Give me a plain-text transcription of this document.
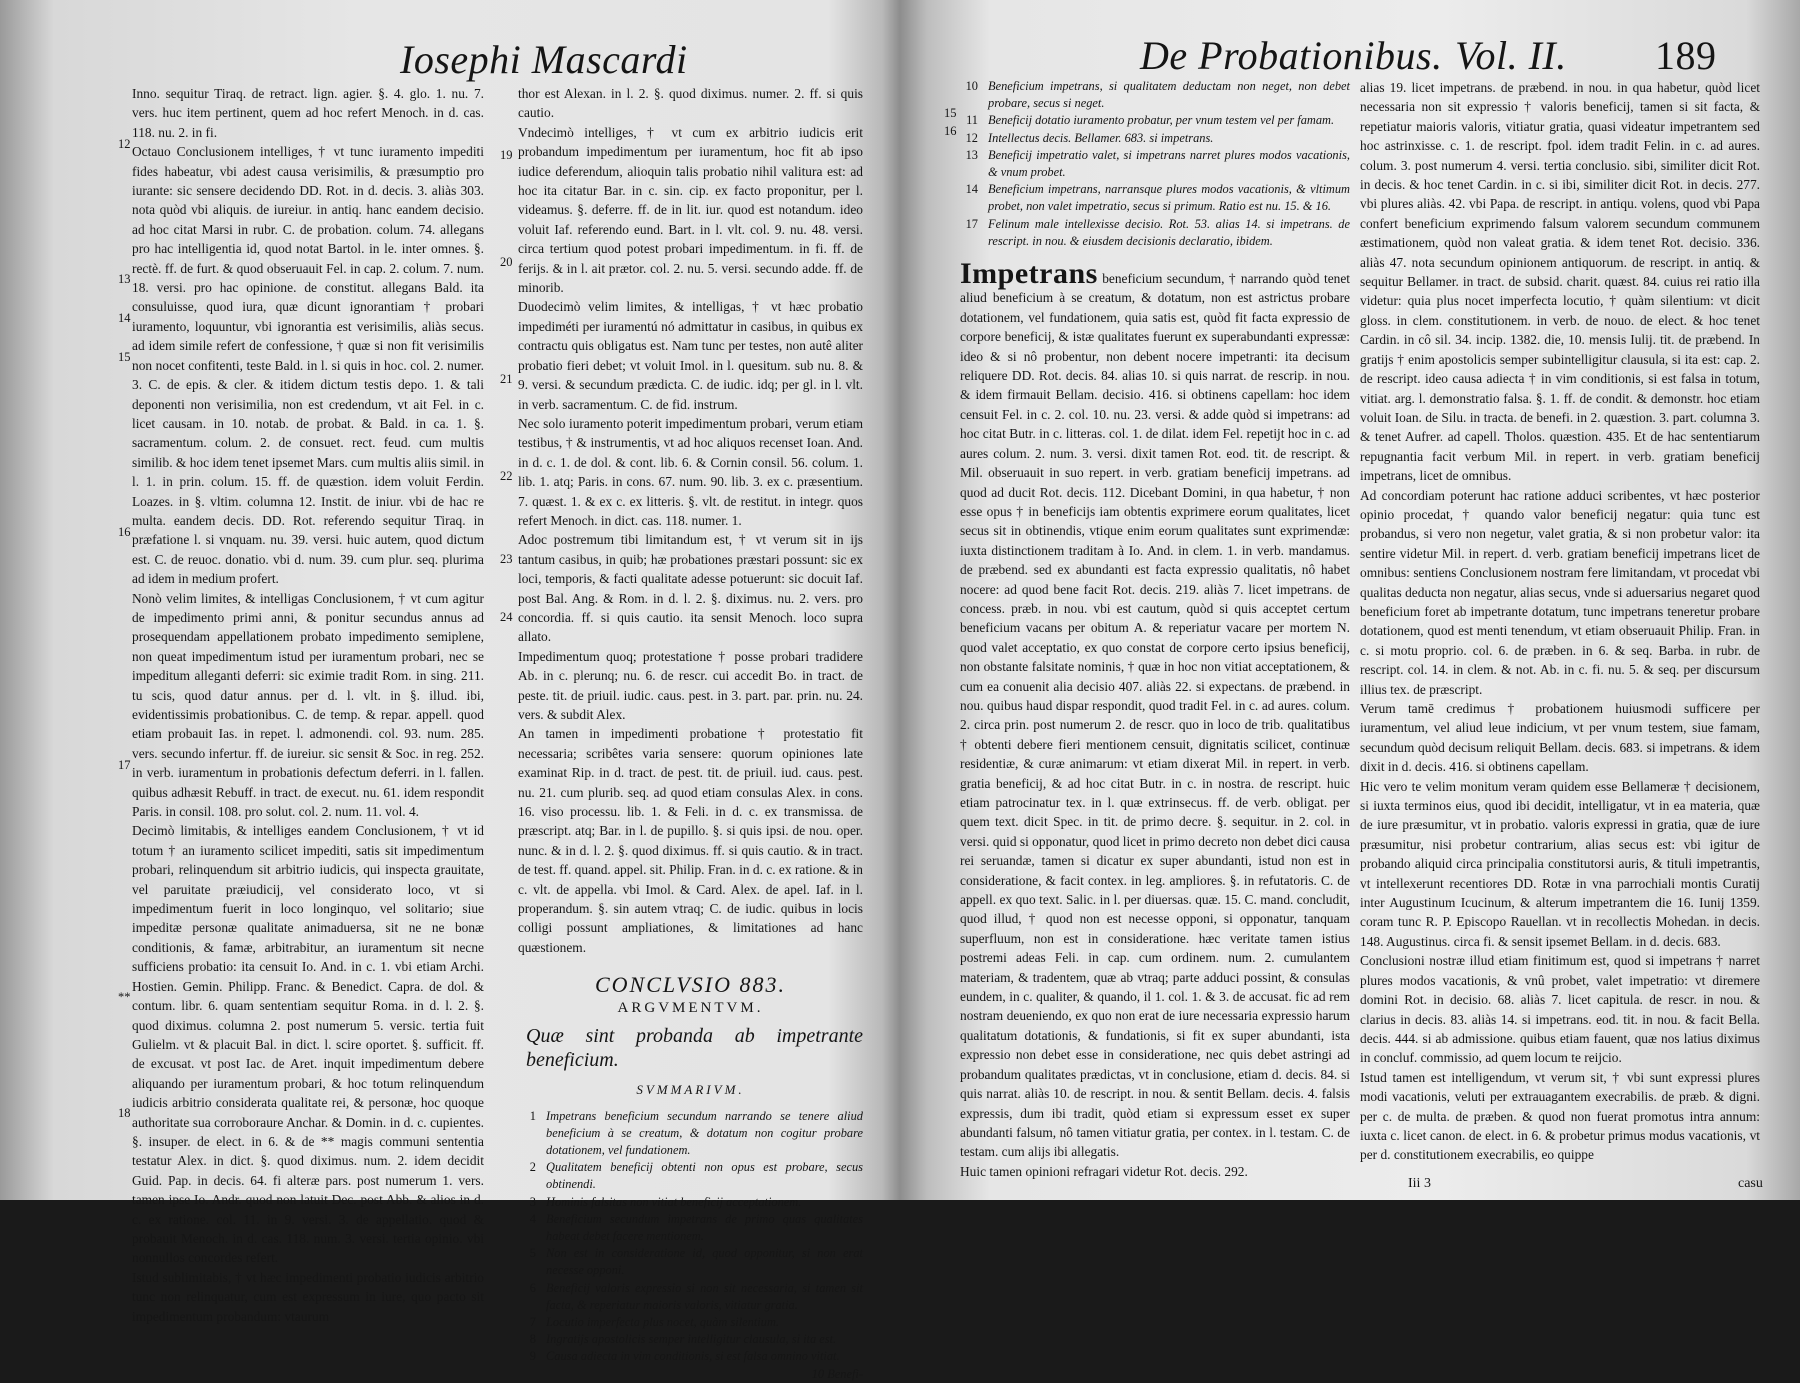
Iosephi Mascardi

Inno. sequitur Tiraq. de retract. lign. agier. §. 4. glo. 1. nu. 7. vers. huc item pertinent, quem ad hoc refert Menoch. in d. cas. 118. nu. 2. in fi.

Octauo Conclusionem intelliges, † vt tunc iuramento impediti fides habeatur, vbi adest causa verisimilis, & præsumptio pro iurante: sic sensere decidendo DD. Rot. in d. decis. 3. aliàs 303. nota quòd vbi aliquis. de iureiur. in antiq. hanc eandem decisio. ad hoc citat Marsi in rubr. C. de probation. colum. 74. allegans pro hac intelligentia id, quod notat Bartol. in le. inter omnes. §. rectè. ff. de furt. & quod obseruauit Fel. in cap. 2. colum. 7. num. 18. versi. pro hac opinione. de constitut. allegans Bald. ita consuluisse, quod iura, quæ dicunt ignorantiam † probari iuramento, loquuntur, vbi ignorantia est verisimilis, aliàs secus. ad idem simile refert de confessione, † quæ si non fit verisimilis non nocet confitenti, teste Bald. in l. si quis in hoc. col. 2. numer. 3. C. de epis. & cler. & itidem dictum testis depo. 1. & tali deponenti non verisimilia, non est credendum, vt ait Fel. in c. licet causam. in 10. notab. de probat. & Bald. in ca. 1. §. sacramentum. colum. 2. de consuet. rect. feud. cum multis similib. & hoc idem tenet ipsemet Mars. cum multis aliis simil. in l. 1. in prin. colum. 15. ff. de quæstion. idem voluit Ferdin. Loazes. in §. vltim. columna 12. Instit. de iniur. vbi de hac re multa. eandem decis. DD. Rot. referendo sequitur Tiraq. in præfatione l. si vnquam. nu. 39. versi. huic autem, quod dictum est. C. de reuoc. donatio. vbi d. num. 39. cum plur. seq. plurima ad idem in medium profert.

Nonò velim limites, & intelligas Conclusionem, † vt cum agitur de impedimento primi anni, & ponitur secundus annus ad prosequendam appellationem probato impedimento semiplene, non queat impedimentum istud per iuramentum probari, nec se impeditum alleganti deferri: sic eximie tradit Rom. in sing. 211. tu scis, quod datur annus. per d. l. vlt. in §. illud. ibi, evidentissimis probationibus. C. de temp. & repar. appell. quod etiam probauit Ias. in repet. l. admonendi. col. 93. num. 285. vers. secundo infertur. ff. de iureiur. sic sensit & Soc. in reg. 252. in verb. iuramentum in probationis defectum deferri. in l. fallen. quibus adhæsit Rebuff. in tract. de execut. nu. 61. idem respondit Paris. in consil. 108. pro solut. col. 2. num. 11. vol. 4.

Decimò limitabis, & intelliges eandem Conclusionem, † vt id totum † an iuramento scilicet impediti, satis sit impedimentum probari, relinquendum sit arbitrio iudicis, qui inspecta grauitate, vel paruitate præiudicij, vel considerato loco, vt si impedimentum fuerit in loco longinquo, vel solitario; siue impeditæ personæ qualitate animaduersa, sit ne ne bonæ conditionis, & famæ, arbitrabitur, an iuramentum sit necne sufficiens probatio: ita censuit Io. And. in c. 1. vbi etiam Archi. Hostien. Gemin. Philipp. Franc. & Benedict. Capra. de dol. & contum. libr. 6. quam sententiam sequitur Roma. in d. l. 2. §. quod diximus. columna 2. post numerum 5. versic. tertia fuit Gulielm. vt & placuit Bal. in dict. l. scire oportet. §. sufficit. ff. de excusat. vt post Iac. de Aret. inquit impedimentum debere aliquando per iuramentum probari, & hoc totum relinquendum iudicis arbitrio considerata qualitate rei, & personæ, hoc quoque authoritate sua corroboraure Anchar. & Domin. in d. c. cupientes. §. insuper. de elect. in 6. & de ** magis communi sententia testatur Alex. in dict. §. quod diximus. num. 2. idem decidit Guid. Pap. in decis. 64. fi alteræ pars. post numerum 1. vers. tamen ipse Io. Andr. quod non latuit Dec. post Abb. & alios in d. c. ex ratione. col. 11. in 9. versi. 3. de appellatio. quod & probauit Menoch. in d. cas. 118. num. 3. versi. tertia opinio. vbi nonnullos concordes refert.

Istud sublimitabis, † vt hæc impedimenti probatio iudicis arbitrio tunc non relinquatur, cum est expressum in iure, quo pacto sit impedimentum probandum: vtaurum

thor est Alexan. in l. 2. §. quod diximus. numer. 2. ff. si quis cautio.

Vndecimò intelliges, † vt cum ex arbitrio iudicis erit probandum impedimentum per iuramentum, hoc fit ab ipso iudice deferendum, alioquin talis probatio nihil valitura est: ad hoc ita citatur Bar. in c. sin. cip. ex facto proponitur, per l. videamus. §. deferre. ff. de in lit. iur. quod est notandum. ideo voluit Iaf. referendo eund. Bart. in l. vlt. col. 9. nu. 48. versi. circa tertium quod potest probari impedimentum. in fi. ff. de ferijs. & in l. ait prætor. col. 2. nu. 5. versi. secundo adde. ff. de minorib.

Duodecimò velim limites, & intelligas, † vt hæc probatio impediméti per iuramentú nó admittatur in casibus, in quibus ex contractu quis obligatus est. Nam tunc per testes, non autê aliter probatio fieri debet; vt voluit Imol. in l. quesitum. sub nu. 8. & 9. versi. & secundum prædicta. C. de iudic. idq; per gl. in l. vlt. in verb. sacramentum. C. de fid. instrum.

Nec solo iuramento poterit impedimentum probari, verum etiam testibus, † & instrumentis, vt ad hoc aliquos recenset Ioan. And. in d. c. 1. de dol. & cont. lib. 6. & Cornin consil. 56. colum. 1. lib. 1. atq; Paris. in cons. 67. num. 90. lib. 3. ex c. præsentium. 7. quæst. 1. & ex c. ex litteris. §. vlt. de restitut. in integr. quos refert Menoch. in dict. cas. 118. numer. 1.

Adoc postremum tibi limitandum est, † vt verum sit in ijs tantum casibus, in quib; hæ probationes præstari possunt: sic ex loci, temporis, & facti qualitate adesse potuerunt: sic docuit Iaf. post Bal. Ang. & Rom. in d. l. 2. §. diximus. nu. 2. vers. pro concordia. ff. si quis cautio. ita sensit Menoch. loco supra allato.

Impedimentum quoq; protestatione † posse probari tradidere Ab. in c. plerunq; nu. 6. de rescr. cui accedit Bo. in tract. de peste. tit. de priuil. iudic. caus. pest. in 3. part. par. prin. nu. 24. vers. & subdit Alex.

An tamen in impedimenti probatione † protestatio fit necessaria; scribêtes varia sensere: quorum opiniones late examinat Rip. in d. tract. de pest. tit. de priuil. iud. caus. pest. nu. 21. cum plurib. seq. ad quod etiam consulas Alex. in cons. 16. viso processu. lib. 1. & Feli. in d. c. ex transmissa. de præscript. atq; Bar. in l. de pupillo. §. si quis ipsi. de nou. oper. nunc. & in d. l. 2. §. quod diximus. ff. si quis cautio. & in tract. de test. ff. quand. appel. sit. Philip. Fran. in d. c. ex ratione. & in c. vlt. de appella. vbi Imol. & Card. Alex. de apel. Iaf. in l. properandum. §. sin autem vtraq; C. de iudic. quibus in locis colligi possunt ampliationes, & limitationes ad hanc quæstionem.

CONCLVSIO 883.
ARGVMENTVM.
Quæ sint probanda ab impetrante beneficium.
SVMMARIVM.
1 Impetrans beneficium secundum narrando se tenere aliud beneficium à se creatum, & dotatum non cogitur probare dotationem, vel fundationem.
2 Qualitatem beneficij obtenti non opus est probare, secus obtinendi.
3 Hominis falsitas non vitiat beneficij acceptationem.
4 Beneficium secundum impetrans de primo quas qualitates habeat debet facere mentionem.
5 Non est in consideratione id, quod opponitur, si non erat necesse opponi.
6 Beneficij valoris expressio si non sit necessaria, si tamen sit facta, & reperiatur maioris valoris, vitiatur gratia.
7 Locutio imperfecta plus nocet, quàm silentium.
8 Ingratijs apostolicis semper intelligitur clausula, si ita est.
9 Causa adiecta in vim conditionis, si est falsa omnino vitiat.
10 Benefi-
12
13
14
15
16
17
**
18
19
20
21
22
23
24
De Probationibus. Vol. II. 189
10 Beneficium impetrans, si qualitatem deductam non neget, non debet probare, secus si neget.
11 Beneficij dotatio iuramento probatur, per vnum testem vel per famam.
12 Intellectus decis. Bellamer. 683. si impetrans.
13 Beneficij impetratio valet, si impetrans narret plures modos vacationis, & vnum probet.
14 Beneficium impetrans, narransque plures modos vacationis, & vltimum probet, non valet impetratio, secus si primum. Ratio est nu. 15. & 16.
17 Felinum male intellexisse decisio. Rot. 53. alias 14. si impetrans. de rescript. in nou. & eiusdem decisionis declaratio, ibidem.

Impetrans beneficium secundum, † narrando quòd tenet aliud beneficium à se creatum, & dotatum, non est astrictus probare dotationem, vel fundationem, quia satis est, quòd fit facta expressio de corpore beneficij, & istæ qualitates fuerunt ex superabundanti expressæ: ideo & si nô probentur, non debent nocere impetranti: ita decisum reliquere DD. Rot. decis. 84. alias 10. si quis narrat. de rescrip. in nou. & idem firmauit Bellam. decisio. 416. si obtinens capellam: hoc idem censuit Fel. in c. 2. col. 10. nu. 23. versi. & adde quòd si impetrans: ad hoc citat Butr. in c. litteras. col. 1. de dilat. idem Fel. repetijt hoc in c. ad aures colum. 2. num. 3. versi. dixit tamen Rot. eod. tit. de rescript. & Mil. obseruauit in suo repert. in verb. gratiam beneficij impetrans. ad quod ad ducit Rot. decis. 112. Dicebant Domini, in qua habetur, † non esse opus † in beneficijs iam obtentis exprimere eorum qualitates, licet secus sit in obtinendis, vtique enim eorum qualitates sunt exprimendæ: iuxta distinctionem traditam à Io. And. in clem. 1. in verb. mandamus. de præbend. sed ex abundanti est facta expressio qualitatis, nô habet nocere: ad quod bene facit Rot. decis. 219. aliàs 7. licet impetrans. de concess. præb. in nou. vbi est cautum, quòd si quis acceptet certum beneficium vacans per obitum A. & reperiatur vacare per mortem N. quod valet acceptatio, ex quo constat de corpore certo ipsius beneficij, non obstante falsitate nominis, † quæ in hoc non vitiat acceptationem, & cum ea conuenit alia decisio 407. aliàs 22. si expectans. de præbend. in nou. quibus haud dispar respondit, quod tradit Fel. in c. ad aures. colum. 2. circa prin. post numerum 2. de rescr. quo in loco de trib. qualitatibus † obtenti debere fieri mentionem censuit, dignitatis scilicet, continuæ residentiæ, & curæ animarum: vt etiam dixerat Mil. in repert. in verb. gratia beneficij, & ad hoc citat Butr. in c. in nostra. de rescript. huic etiam patrocinatur tex. in l. quæ extrinsecus. ff. de verb. obligat. per quem text. dicit Spec. in tit. de primo decre. §. sequitur. in 2. col. in versi. quid si opponatur, quod licet in primo decreto non debet dici causa rei seruandæ, tamen si dicatur ex super abundanti, istud non est in consideratione, & facit contex. in leg. ampliores. §. in refutatoris. C. de appell. ex quo text. Salic. in l. per diuersas. quæ. 15. C. mand. concludit, quod illud, † quod non est necesse opponi, si opponatur, tanquam superfluum, non est in consideratione. hæc veritate tamen istius postremi adeas Feli. in cap. cum ordinem. num. 2. cumulantem materiam, & tradentem, quæ ab vtraq; parte adduci possint, & consulas eundem, in c. qualiter, & quando, il 1. col. 1. & 3. de accusat. fic ad rem nostram deueniendo, ex quo non erat de iure necessaria expressio harum qualitatum dotationis, & fundationis, si fit ex super abundanti, ista expressio non debet esse in consideratione, nec quis debet astringi ad probandum qualitates prædictas, vt in conclusione, etiam d. decis. 84. si quis narrat. aliàs 10. de rescript. in nou. & sentit Bellam. decis. 4. falsis expressis, dum ibi tradit, quòd etiam si expressum esset ex super abundanti falsum, nô tamen vitiatur gratia, per contex. in l. testam. C. de testam. cum alijs ibi allegatis.

Huic tamen opinioni refragari videtur Rot. decis. 292.

alias 19. licet impetrans. de præbend. in nou. in qua habetur, quòd licet necessaria non sit expressio † valoris beneficij, tamen si sit facta, & repetiatur maioris valoris, vitiatur gratia, quasi videatur impetrantem sed hoc astrinxisse. c. 1. de rescript. fpol. idem tradit Felin. in c. ad aures. colum. 3. post numerum 4. versi. tertia conclusio. sibi, similiter dicit Rot. in decis. & hoc tenet Cardin. in c. si ibi, similiter dicit Rot. in decis. 277. vbi plures aliàs. 42. vbi Papa. de rescript. in antiqu. volens, quod vbi Papa confert beneficium exprimendo falsum valorem secundum communem æstimationem, quòd non valeat gratia. & idem tenet Rot. decisio. 336. aliàs 47. nota secundum opinionem antiquorum. de rescript. in antiq. & sequitur Bellamer. in tract. de subsid. charit. quæst. 84. cuius rei ratio illa videtur: quia plus nocet imperfecta locutio, † quàm silentium: vt dicit gloss. in clem. constitutionem. in verb. de nouo. de elect. & hoc tenet Cardin. in cô sil. 34. incip. 1382. die, 10. mensis Iulij. tit. de præbend. In gratijs † enim apostolicis semper subintelligitur clausula, si ita est: cap. 2. de rescript. ideo causa adiecta † in vim conditionis, si est falsa in totum, vitiat. arg. l. demonstratio falsa. §. 1. ff. de condit. & demonstr. hoc etiam voluit Ioan. de Silu. in tracta. de benefi. in 2. quæstion. 3. part. columna 3. & tenet Aufrer. ad capell. Tholos. quæstion. 435. Et de hac sententiarum repugnantia facit verbum Mil. in repert. in verb. gratiam beneficij impetrans, licet de omnibus.

Ad concordiam poterunt hac ratione adduci scribentes, vt hæc posterior opinio procedat, † quando valor beneficij negatur: quia tunc est probandus, si vero non negetur, valet gratia, & si non probetur valor: ita sentire videtur Mil. in repert. d. verb. gratiam beneficij impetrans licet de omnibus: sentiens Conclusionem nostram fere limitandam, vt procedat vbi qualitas deducta non negatur, alias secus, vnde si aduersarius negaret quod beneficium foret ab impetrante dotatum, tunc impetrans teneretur probare dotationem, quod est menti tenendum, vt etiam obseruauit Philip. Fran. in c. si motu proprio. col. 6. de præben. in 6. & seq. Barba. in rubr. de rescript. col. 14. in clem. & not. Ab. in c. fi. nu. 5. & seq. per discursum illius tex. de præscript.

Verum tamē credimus † probationem huiusmodi sufficere per iuramentum, vel aliud leue indicium, vt per vnum testem, siue famam, secundum quòd decisum reliquit Bellam. decis. 683. si impetrans. & idem dixit in d. decis. 416. si obtinens capellam.

Hic vero te velim monitum veram quidem esse Bellameræ † decisionem, si iuxta terminos eius, quod ibi decidit, intelligatur, vt in ea materia, quæ de iure præsumitur, vt in probatio. valoris expressi in gratia, quæ de iure præsumitur, nisi probetur contrarium, alias secus est: vbi igitur de probando aliquid circa principalia constitutorsi auris, & tituli impetrantis, vt intellexerunt recentiores DD. Rotæ in vna parrochiali montis Curatij inter Augustinum Icucinum, & alterum impetrantem die 16. Iunij 1359. coram tunc R. P. Episcopo Rauellan. vt in recollectis Mohedan. in decis. 148. Augustinus. circa fi. & sensit ipsemet Bellam. in d. decis. 683.

Conclusioni nostræ illud etiam finitimum est, quod si impetrans † narret plures modos vacationis, & vnû probet, valet impetratio: vt diremere domini Rot. in decisio. 68. aliàs 7. licet capitula. de rescr. in nou. & clarius in decis. 83. aliàs 14. si impetrans. eod. tit. in nou. & facit Bella. decis. 444. si ab admissione. quibus etiam fauent, quæ nos latius diximus in concluf. commissio, ad quem locum te reijcio.

Istud tamen est intelligendum, vt verum sit, † vbi sunt expressi plures modi vacationis, veluti per extrauagantem execrabilis. de præb. & digni. per c. de multa. de præben. & quod non fuerat promotus intra annum: iuxta c. licet canon. de elect. in 6. & probetur primus modus vacationis, vt per d. constitutionem execrabilis, eo quippe

15
16
Iii 3	casu
